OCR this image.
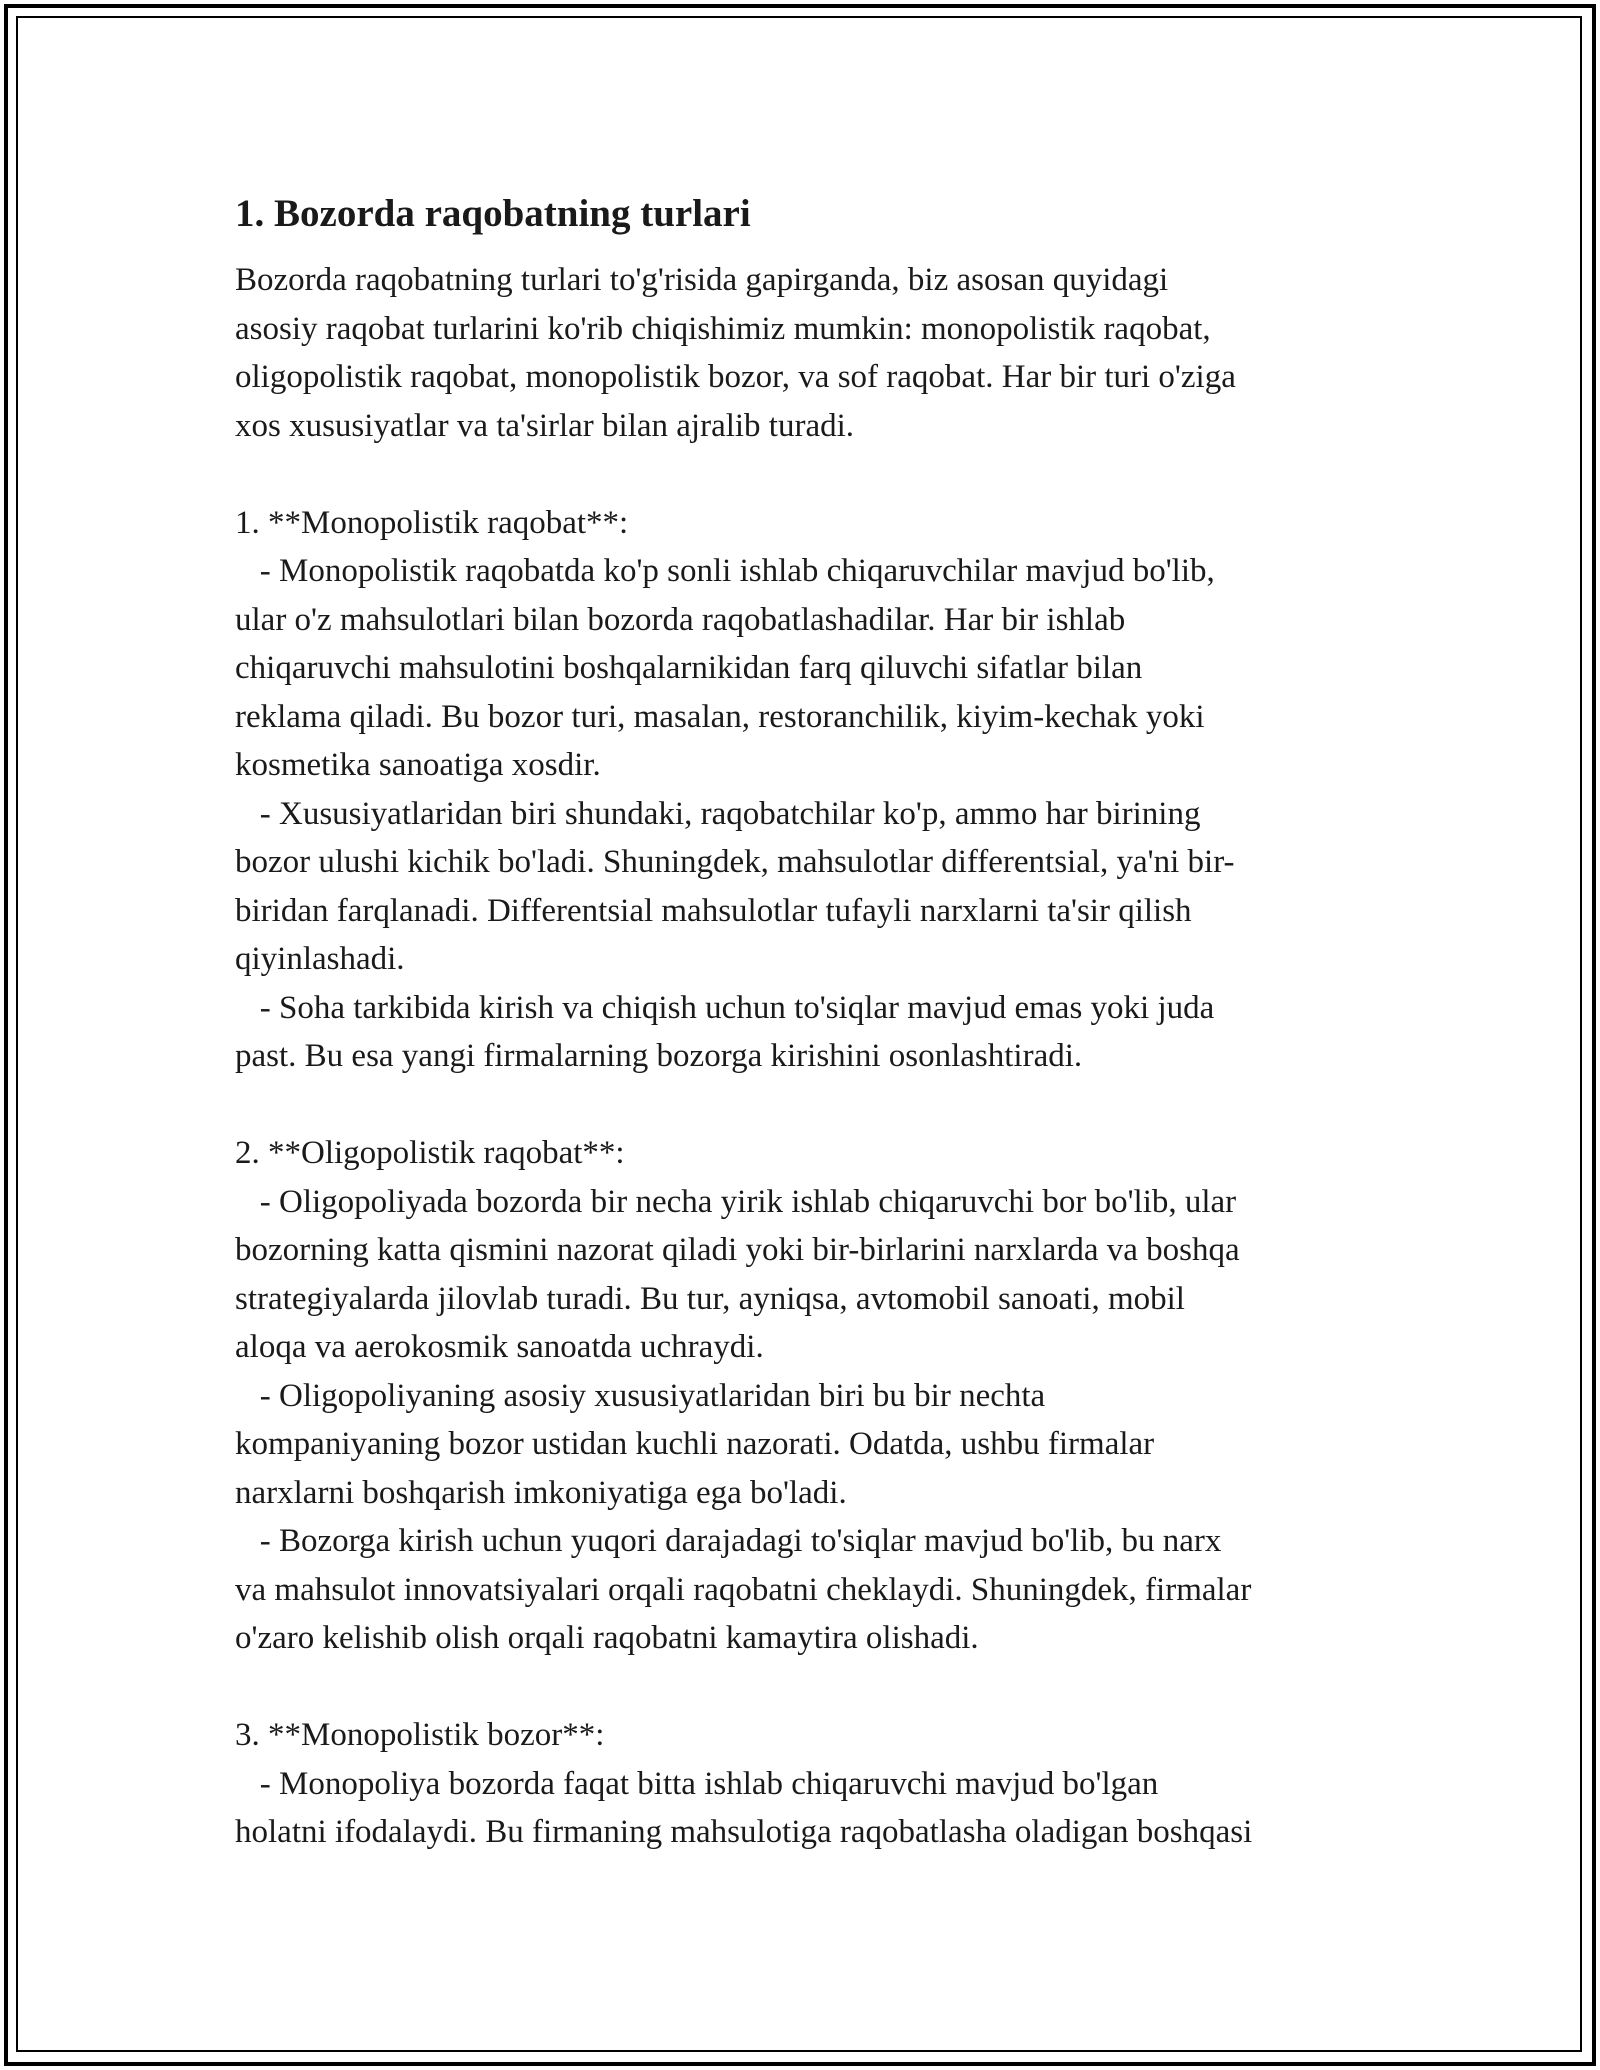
1. Bozorda raqobatning turlari
Bozorda raqobatning turlari to'g'risida gapirganda, biz asosan quyidagi
asosiy raqobat turlarini ko'rib chiqishimiz mumkin: monopolistik raqobat,
oligopolistik raqobat, monopolistik bozor, va sof raqobat. Har bir turi o'ziga
xos xususiyatlar va ta'sirlar bilan ajralib turadi.

1. **Monopolistik raqobat**:
- Monopolistik raqobatda ko'p sonli ishlab chiqaruvchilar mavjud bo'lib,
ular o'z mahsulotlari bilan bozorda raqobatlashadilar. Har bir ishlab
chiqaruvchi mahsulotini boshqalarnikidan farq qiluvchi sifatlar bilan
reklama qiladi. Bu bozor turi, masalan, restoranchilik, kiyim-kechak yoki
kosmetika sanoatiga xosdir.
- Xususiyatlaridan biri shundaki, raqobatchilar ko'p, ammo har birining
bozor ulushi kichik bo'ladi. Shuningdek, mahsulotlar differentsial, ya'ni bir-
biridan farqlanadi. Differentsial mahsulotlar tufayli narxlarni ta'sir qilish
qiyinlashadi.
- Soha tarkibida kirish va chiqish uchun to'siqlar mavjud emas yoki juda
past. Bu esa yangi firmalarning bozorga kirishini osonlashtiradi.

2. **Oligopolistik raqobat**:
- Oligopoliyada bozorda bir necha yirik ishlab chiqaruvchi bor bo'lib, ular
bozorning katta qismini nazorat qiladi yoki bir-birlarini narxlarda va boshqa
strategiyalarda jilovlab turadi. Bu tur, ayniqsa, avtomobil sanoati, mobil
aloqa va aerokosmik sanoatda uchraydi.
- Oligopoliyaning asosiy xususiyatlaridan biri bu bir nechta
kompaniyaning bozor ustidan kuchli nazorati. Odatda, ushbu firmalar
narxlarni boshqarish imkoniyatiga ega bo'ladi.
- Bozorga kirish uchun yuqori darajadagi to'siqlar mavjud bo'lib, bu narx
va mahsulot innovatsiyalari orqali raqobatni cheklaydi. Shuningdek, firmalar
o'zaro kelishib olish orqali raqobatni kamaytira olishadi.

3. **Monopolistik bozor**:
- Monopoliya bozorda faqat bitta ishlab chiqaruvchi mavjud bo'lgan
holatni ifodalaydi. Bu firmaning mahsulotiga raqobatlasha oladigan boshqasi
